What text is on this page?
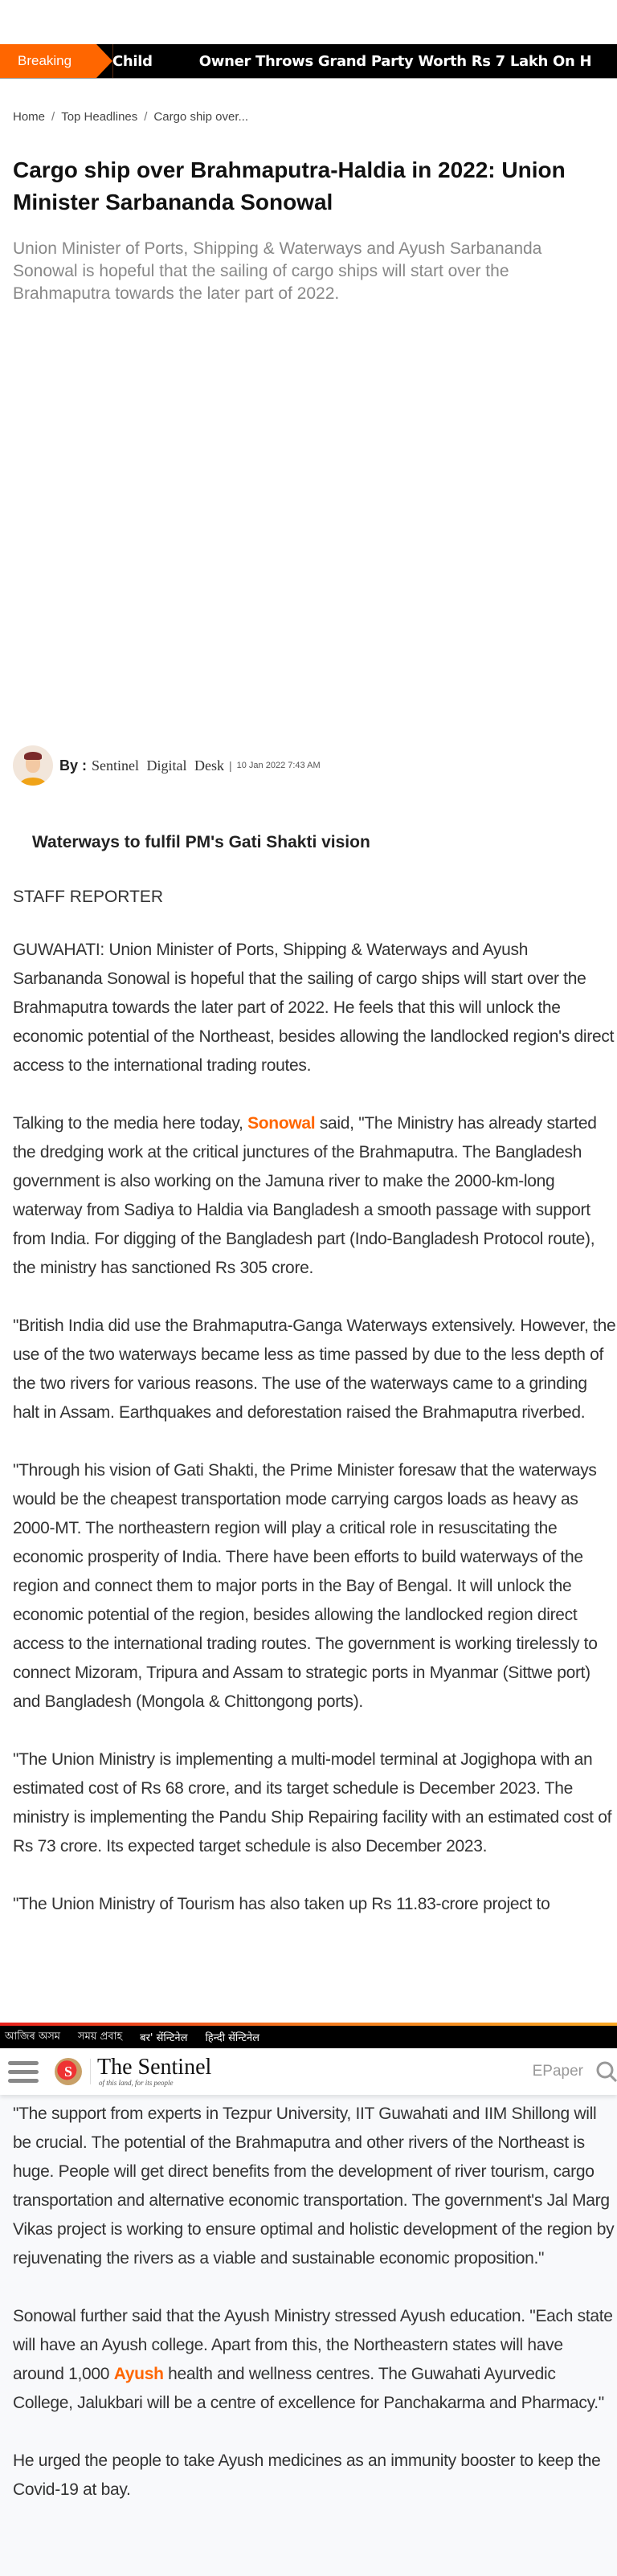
Breaking	Child	Owner Throws Grand Party Worth Rs 7 Lakh On H
Home / Top Headlines / Cargo ship over...
Cargo ship over Brahmaputra-Haldia in 2022: Union Minister Sarbananda Sonowal

Union Minister of Ports, Shipping & Waterways and Ayush Sarbananda Sonowal is hopeful that the sailing of cargo ships will start over the Brahmaputra towards the later part of 2022.

By : Sentinel Digital Desk | 10 Jan 2022 7:43 AM
Waterways to fulfil PM's Gati Shakti vision
STAFF REPORTER

GUWAHATI: Union Minister of Ports, Shipping & Waterways and Ayush Sarbananda Sonowal is hopeful that the sailing of cargo ships will start over the Brahmaputra towards the later part of 2022. He feels that this will unlock the economic potential of the Northeast, besides allowing the landlocked region's direct access to the international trading routes.

Talking to the media here today, Sonowal said, "The Ministry has already started the dredging work at the critical junctures of the Brahmaputra. The Bangladesh government is also working on the Jamuna river to make the 2000-km-long waterway from Sadiya to Haldia via Bangladesh a smooth passage with support from India. For digging of the Bangladesh part (Indo-Bangladesh Protocol route), the ministry has sanctioned Rs 305 crore.

"British India did use the Brahmaputra-Ganga Waterways extensively. However, the use of the two waterways became less as time passed by due to the less depth of the two rivers for various reasons. The use of the waterways came to a grinding halt in Assam. Earthquakes and deforestation raised the Brahmaputra riverbed.

"Through his vision of Gati Shakti, the Prime Minister foresaw that the waterways would be the cheapest transportation mode carrying cargos loads as heavy as 2000-MT. The northeastern region will play a critical role in resuscitating the economic prosperity of India. There have been efforts to build waterways of the region and connect them to major ports in the Bay of Bengal. It will unlock the economic potential of the region, besides allowing the landlocked region direct access to the international trading routes. The government is working tirelessly to connect Mizoram, Tripura and Assam to strategic ports in Myanmar (Sittwe port) and Bangladesh (Mongola & Chittongong ports).

"The Union Ministry is implementing a multi-model terminal at Jogighopa with an estimated cost of Rs 68 crore, and its target schedule is December 2023. The ministry is implementing the Pandu Ship Repairing facility with an estimated cost of Rs 73 crore. Its expected target schedule is also December 2023.

"The Union Ministry of Tourism has also taken up Rs 11.83-crore project to

আজিৰ অসম সময় প্ৰবাহ बर' सेंन्टिनेल हिन्दी सेंन्टिनेल
S	The Sentinel
of this land, for its people
EPaper

"The support from experts in Tezpur University, IIT Guwahati and IIM Shillong will be crucial. The potential of the Brahmaputra and other rivers of the Northeast is huge. People will get direct benefits from the development of river tourism, cargo transportation and alternative economic transportation. The government's Jal Marg Vikas project is working to ensure optimal and holistic development of the region by rejuvenating the rivers as a viable and sustainable economic proposition."

Sonowal further said that the Ayush Ministry stressed Ayush education. "Each state will have an Ayush college. Apart from this, the Northeastern states will have around 1,000 Ayush health and wellness centres. The Guwahati Ayurvedic College, Jalukbari will be a centre of excellence for Panchakarma and Pharmacy."

He urged the people to take Ayush medicines as an immunity booster to keep the Covid-19 at bay.
